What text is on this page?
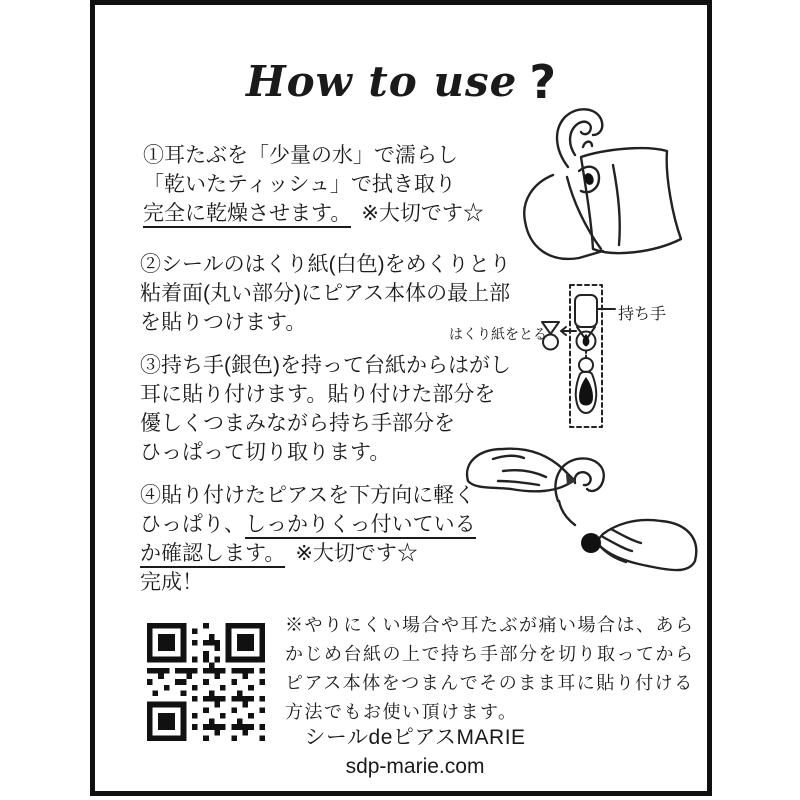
How to use ?
①耳たぶを「少量の水」で濡らし
「乾いたティッシュ」で拭き取り
完全に乾燥させます。 ※大切です☆
②シールのはくり紙(白色)をめくりとり
粘着面(丸い部分)にピアス本体の最上部
を貼りつけます。	持ち手
はくり紙をとる
③持ち手(銀色)を持って台紙からはがし
耳に貼り付けます。貼り付けた部分を
優しくつまみながら持ち手部分を
ひっぱって切り取ります。
④貼り付けたピアスを下方向に軽く
ひっぱり、しっかりくっ付いている
か確認します。 ※大切です☆
完成！
※やりにくい場合や耳たぶが痛い場合は、あら
かじめ台紙の上で持ち手部分を切り取ってから
ピアス本体をつまんでそのまま耳に貼り付ける
方法でもお使い頂けます。
シールdeピアスMARIE
sdp-marie.com
